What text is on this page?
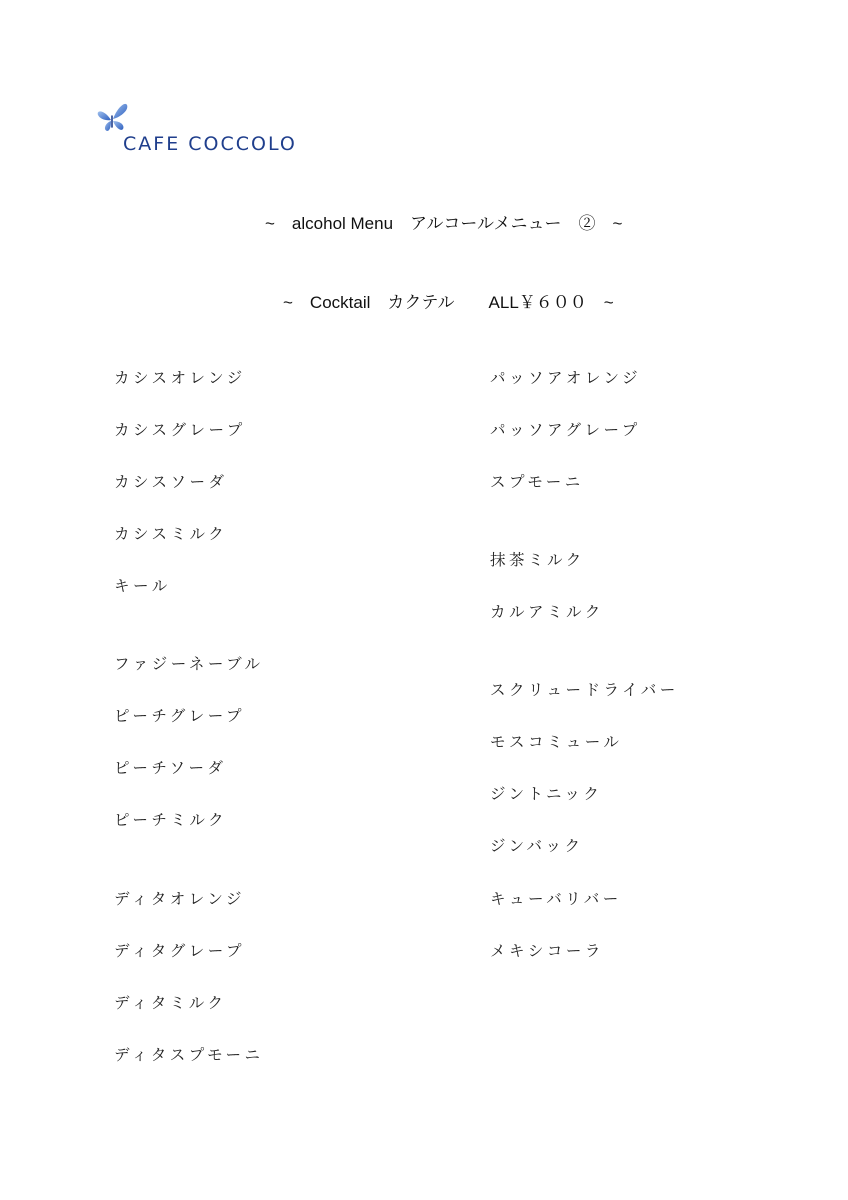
CAFE COCCOLO
~　alcohol Menu　アルコールメニュー　②　~
~　Cocktail　カクテル　　ALL￥６００　~
カシスオレンジ
カシスグレープ
カシスソーダ
カシスミルク
キール
ファジーネーブル
ピーチグレープ
ピーチソーダ
ピーチミルク
ディタオレンジ
ディタグレープ
ディタミルク
ディタスプモーニ
パッソアオレンジ
パッソアグレープ
スプモーニ
抹茶ミルク
カルアミルク
スクリュードライバー
モスコミュール
ジントニック
ジンバック
キューバリバー
メキシコーラ
